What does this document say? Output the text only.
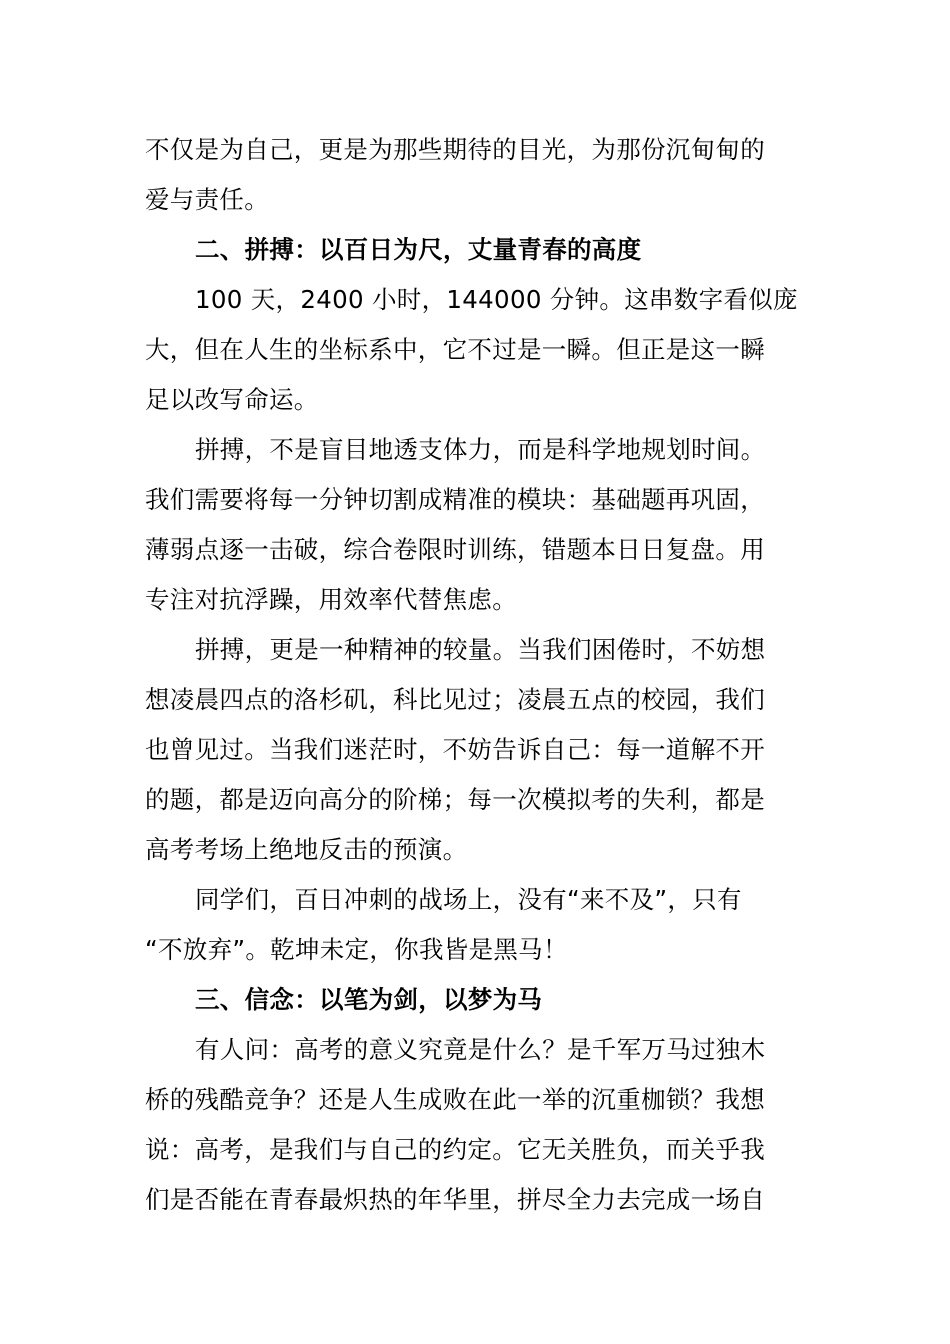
不仅是为自己，更是为那些期待的目光，为那份沉甸甸的
爱与责任。
二、拼搏：以百日为尺，丈量青春的高度
100 天，2400 小时，144000 分钟。这串数字看似庞
大，但在人生的坐标系中，它不过是一瞬。但正是这一瞬
足以改写命运。
拼搏，不是盲目地透支体力，而是科学地规划时间。
我们需要将每一分钟切割成精准的模块：基础题再巩固，
薄弱点逐一击破，综合卷限时训练，错题本日日复盘。用
专注对抗浮躁，用效率代替焦虑。
拼搏，更是一种精神的较量。当我们困倦时，不妨想
想凌晨四点的洛杉矶，科比见过；凌晨五点的校园，我们
也曾见过。当我们迷茫时，不妨告诉自己：每一道解不开
的题，都是迈向高分的阶梯；每一次模拟考的失利，都是
高考考场上绝地反击的预演。
同学们，百日冲刺的战场上，没有“来不及”，只有
“不放弃”。乾坤未定，你我皆是黑马！
三、信念：以笔为剑，以梦为马
有人问：高考的意义究竟是什么？是千军万马过独木
桥的残酷竞争？还是人生成败在此一举的沉重枷锁？我想
说：高考，是我们与自己的约定。它无关胜负，而关乎我
们是否能在青春最炽热的年华里，拼尽全力去完成一场自
